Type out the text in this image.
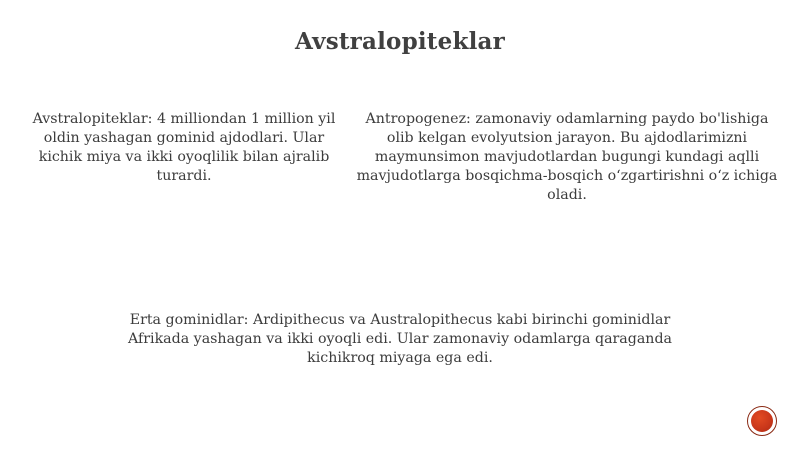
Avstralopiteklar
Avstralopiteklar: 4 milliondan 1 million yil oldin yashagan gominid ajdodlari. Ular kichik miya va ikki oyoqlilik bilan ajralib turardi.
Antropogenez: zamonaviy odamlarning paydo bo'lishiga olib kelgan evolyutsion jarayon. Bu ajdodlarimizni maymunsimon mavjudotlardan bugungi kundagi aqlli mavjudotlarga bosqichma-bosqich oʻzgartirishni oʻz ichiga oladi.
Erta gominidlar: Ardipithecus va Australopithecus kabi birinchi gominidlar Afrikada yashagan va ikki oyoqli edi. Ular zamonaviy odamlarga qaraganda kichikroq miyaga ega edi.
